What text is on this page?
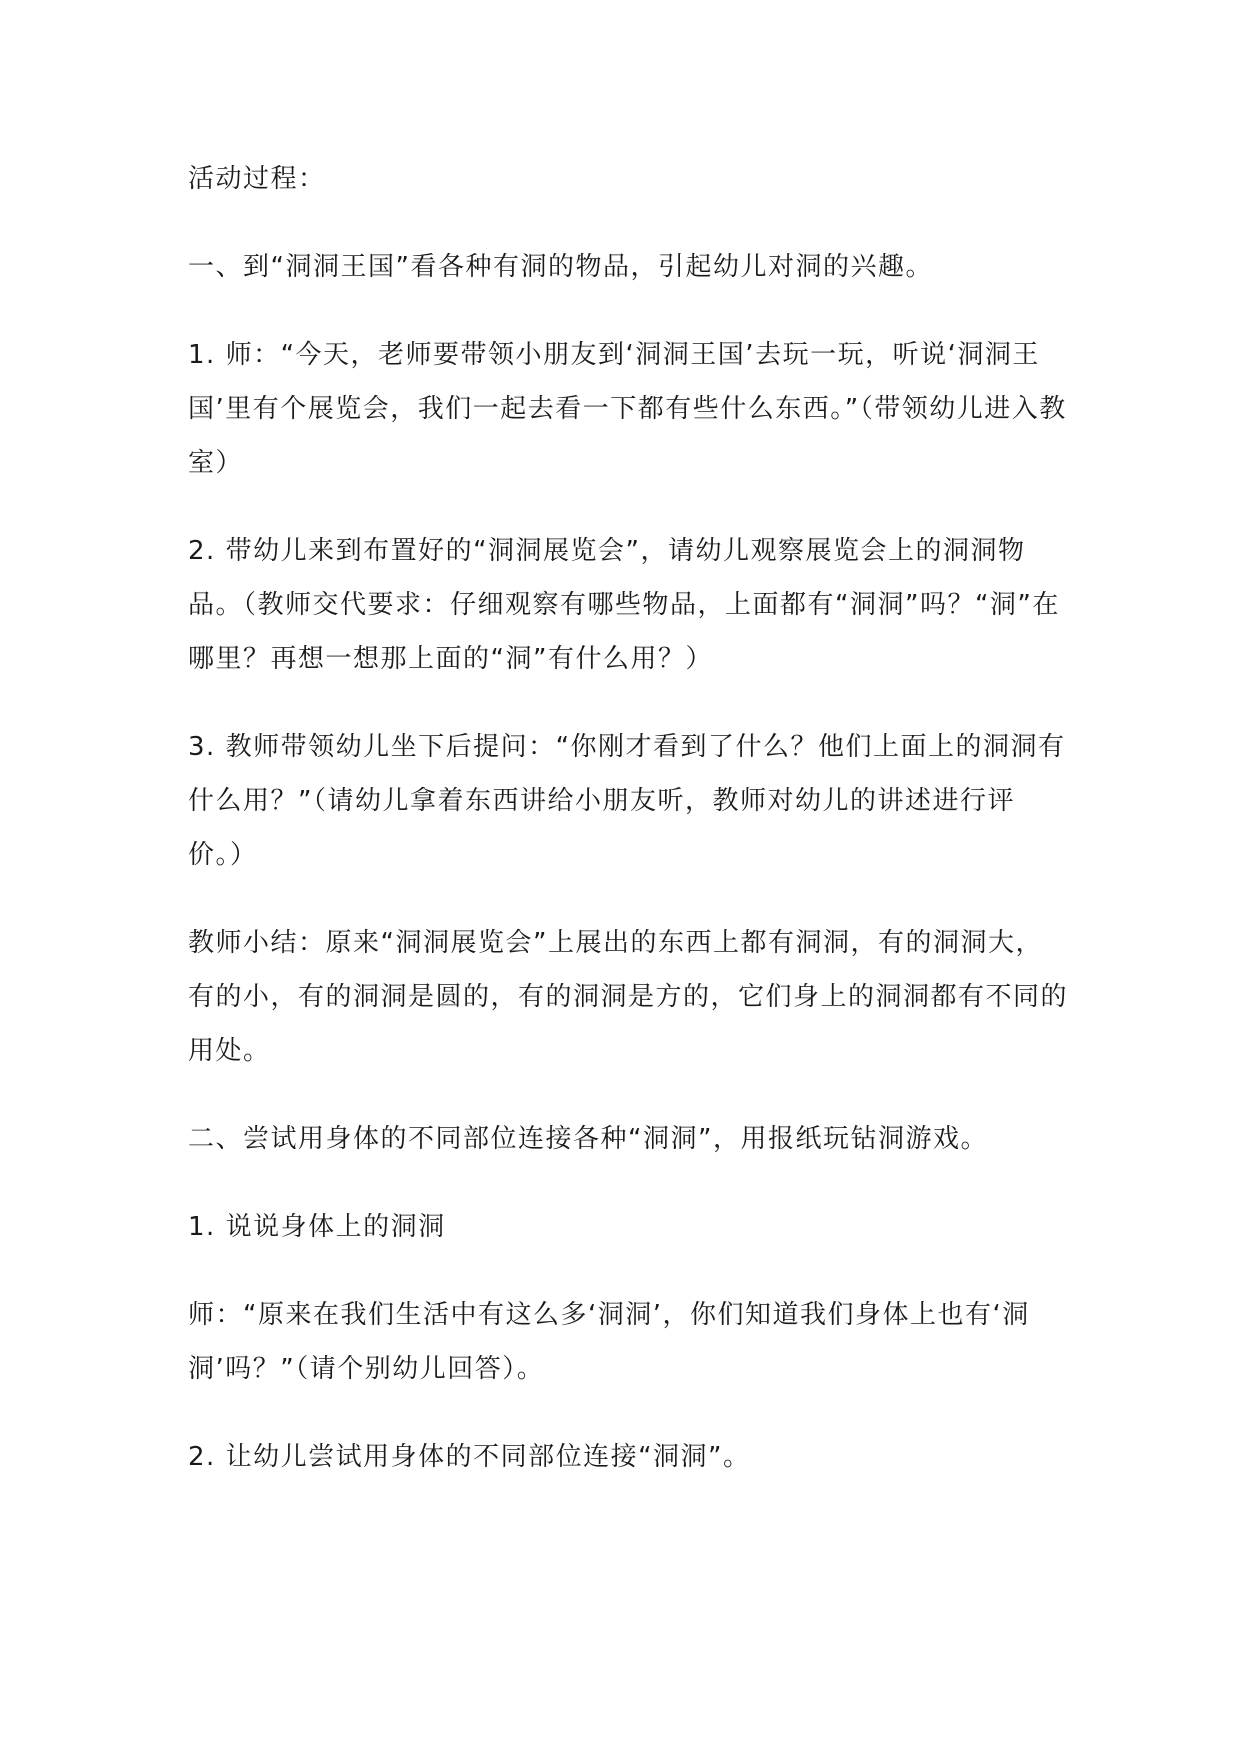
活动过程：

一、到“洞洞王国”看各种有洞的物品，引起幼儿对洞的兴趣。

1. 师：“今天，老师要带领小朋友到‘洞洞王国’去玩一玩，听说‘洞洞王国’里有个展览会，我们一起去看一下都有些什么东西。”（带领幼儿进入教室）

2. 带幼儿来到布置好的“洞洞展览会”，请幼儿观察展览会上的洞洞物品。（教师交代要求：仔细观察有哪些物品，上面都有“洞洞”吗？“洞”在哪里？再想一想那上面的“洞”有什么用？）

3. 教师带领幼儿坐下后提问：“你刚才看到了什么？他们上面上的洞洞有什么用？”（请幼儿拿着东西讲给小朋友听，教师对幼儿的讲述进行评价。）

教师小结：原来“洞洞展览会”上展出的东西上都有洞洞，有的洞洞大，有的小，有的洞洞是圆的，有的洞洞是方的，它们身上的洞洞都有不同的用处。

二、尝试用身体的不同部位连接各种“洞洞”，用报纸玩钻洞游戏。

1. 说说身体上的洞洞

师：“原来在我们生活中有这么多‘洞洞’，你们知道我们身体上也有‘洞洞’吗？”（请个别幼儿回答）。

2. 让幼儿尝试用身体的不同部位连接“洞洞”。
